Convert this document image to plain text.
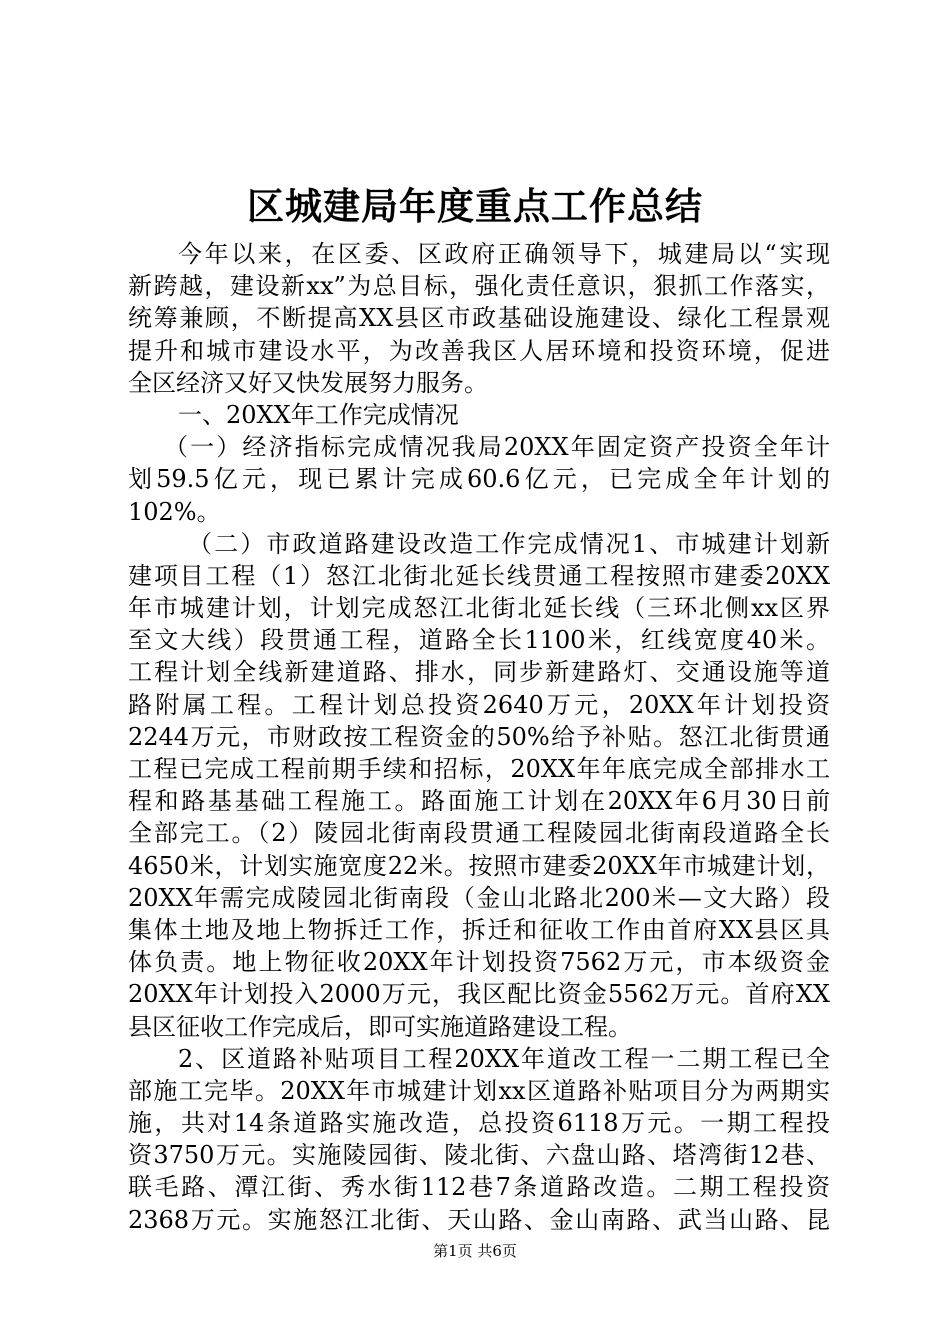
区城建局年度重点工作总结
今年以来，在区委、区政府正确领导下，城建局以“实现
新跨越，建设新xx”为总目标，强化责任意识，狠抓工作落实，
统筹兼顾，不断提高XX县区市政基础设施建设、绿化工程景观
提升和城市建设水平，为改善我区人居环境和投资环境，促进
全区经济又好又快发展努力服务。
一、20XX年工作完成情况
（一）经济指标完成情况我局20XX年固定资产投资全年计
划59.5亿元，现已累计完成60.6亿元，已完成全年计划的
102%。
（二）市政道路建设改造工作完成情况1、市城建计划新
建项目工程（1）怒江北街北延长线贯通工程按照市建委20XX
年市城建计划，计划完成怒江北街北延长线（三环北侧xx区界
至文大线）段贯通工程，道路全长1100米，红线宽度40米。
工程计划全线新建道路、排水，同步新建路灯、交通设施等道
路附属工程。工程计划总投资2640万元，20XX年计划投资
2244万元，市财政按工程资金的50%给予补贴。怒江北街贯通
工程已完成工程前期手续和招标，20XX年年底完成全部排水工
程和路基基础工程施工。路面施工计划在20XX年6月30日前
全部完工。（2）陵园北街南段贯通工程陵园北街南段道路全长
4650米，计划实施宽度22米。按照市建委20XX年市城建计划，
20XX年需完成陵园北街南段（金山北路北200米—文大路）段
集体土地及地上物拆迁工作，拆迁和征收工作由首府XX县区具
体负责。地上物征收20XX年计划投资7562万元，市本级资金
20XX年计划投入2000万元，我区配比资金5562万元。首府XX
县区征收工作完成后，即可实施道路建设工程。
2、区道路补贴项目工程20XX年道改工程一二期工程已全
部施工完毕。20XX年市城建计划xx区道路补贴项目分为两期实
施，共对14条道路实施改造，总投资6118万元。一期工程投
资3750万元。实施陵园街、陵北街、六盘山路、塔湾街12巷、
联毛路、潭江街、秀水街112巷7条道路改造。二期工程投资
2368万元。实施怒江北街、天山路、金山南路、武当山路、昆
第1页 共6页
